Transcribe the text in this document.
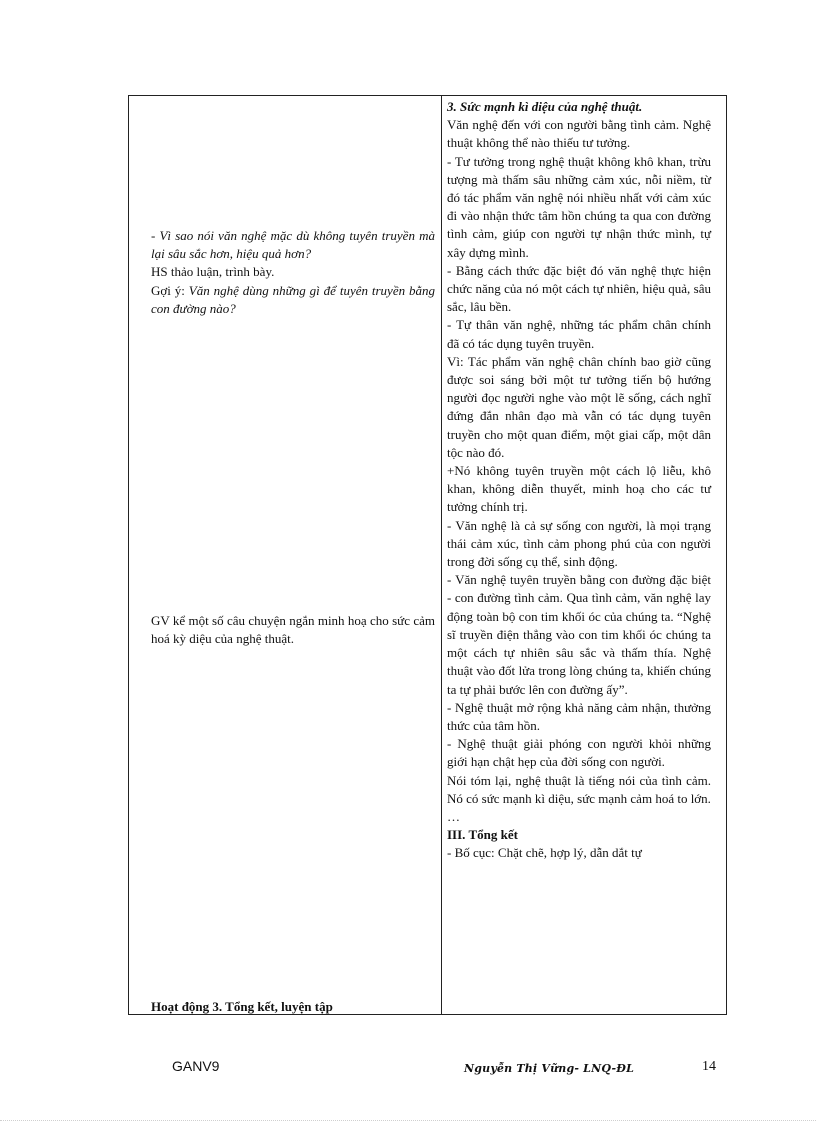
- Vì sao nói văn nghệ mặc dù không tuyên truyền mà lại sâu sắc hơn, hiệu quả hơn?

HS thảo luận, trình bày.

Gợi ý: Văn nghệ dùng những gì để tuyên truyền bằng con đường nào?

GV kể một số câu chuyện ngắn minh hoạ cho sức cảm hoá kỳ diệu của nghệ thuật.

Hoạt động 3. Tổng kết, luyện tập

3. Sức mạnh kì diệu của nghệ thuật.

Văn nghệ đến với con người bằng tình cảm. Nghệ thuật không thể nào thiếu tư tưởng.

- Tư tưởng trong nghệ thuật không khô khan, trừu tượng mà thấm sâu những cảm xúc, nỗi niềm, từ đó tác phẩm văn nghệ nói nhiều nhất với cảm xúc đi vào nhận thức tâm hồn chúng ta qua con đường tình cảm, giúp con người tự nhận thức mình, tự xây dựng mình.

- Bằng cách thức đặc biệt đó văn nghệ thực hiện chức năng của nó một cách tự nhiên, hiệu quả, sâu sắc, lâu bền.

- Tự thân văn nghệ, những tác phẩm chân chính đã có tác dụng tuyên truyền.

Vì: Tác phẩm văn nghệ chân chính bao giờ cũng được soi sáng bởi một tư tưởng tiến bộ hướng người đọc người nghe vào một lẽ sống, cách nghĩ đứng đắn nhân đạo mà vẫn có tác dụng tuyên truyền cho một quan điểm, một giai cấp, một dân tộc nào đó.

+Nó không tuyên truyền một cách lộ liễu, khô khan, không diễn thuyết, minh hoạ cho các tư tưởng chính trị.

- Văn nghệ là cả sự sống con người, là mọi trạng thái cảm xúc, tình cảm phong phú của con người trong đời sống cụ thể, sinh động.

- Văn nghệ tuyên truyền bằng con đường đặc biệt - con đường tình cảm. Qua tình cảm, văn nghệ lay động toàn bộ con tim khối óc của chúng ta. “Nghệ sĩ truyền điện thẳng vào con tim khối óc chúng ta một cách tự nhiên sâu sắc và thấm thía. Nghệ thuật vào đốt lửa trong lòng chúng ta, khiến chúng ta tự phải bước lên con đường ấy”.

- Nghệ thuật mở rộng khả năng cảm nhận, thưởng thức của tâm hồn.

- Nghệ thuật giải phóng con người khỏi những giới hạn chật hẹp của đời sống con người.

Nói tóm lại, nghệ thuật là tiếng nói của tình cảm. Nó có sức mạnh kì diệu, sức mạnh cảm hoá to lớn.

…

III. Tổng kết

- Bố cục: Chặt chẽ, hợp lý, dẫn dắt tự

GANV9	Nguyễn Thị Vững- LNQ-ĐL	14
